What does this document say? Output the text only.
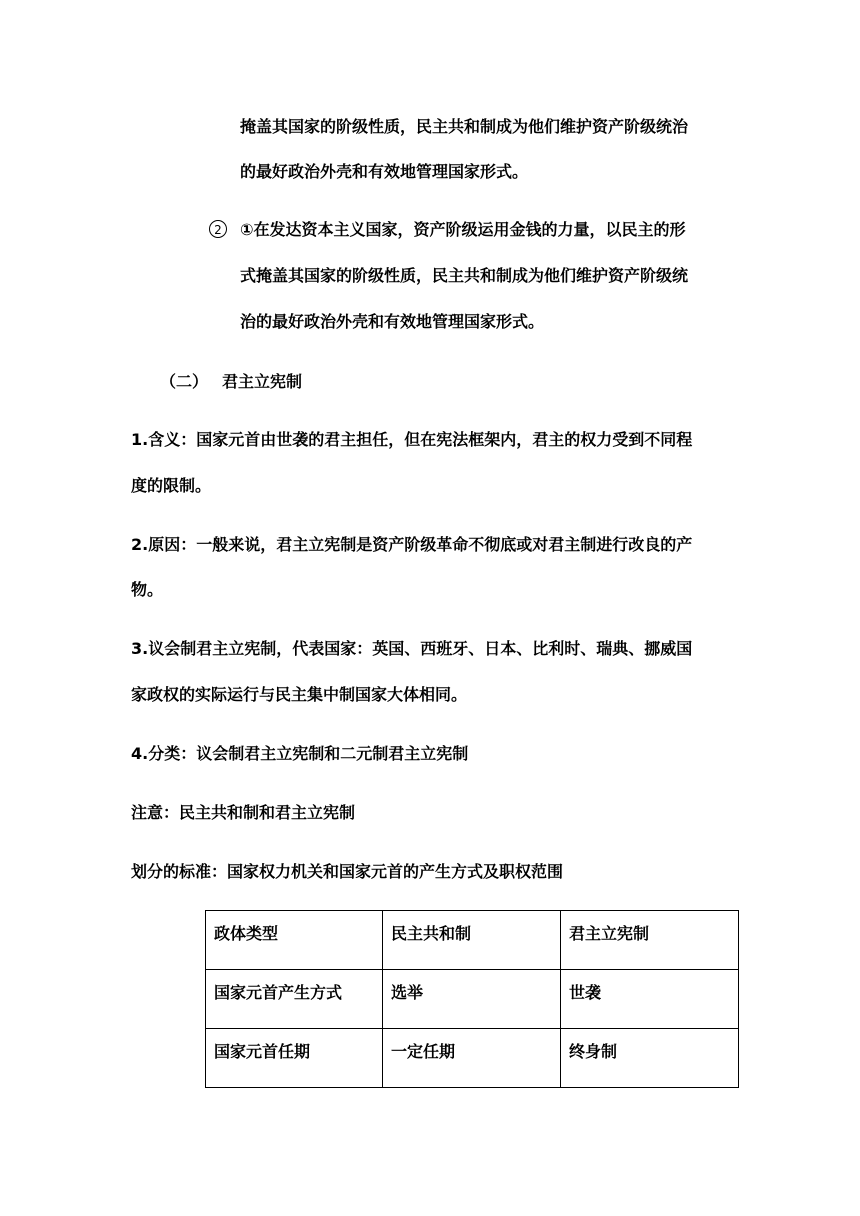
掩盖其国家的阶级性质，民主共和制成为他们维护资产阶级统治

的最好政治外壳和有效地管理国家形式。

2	①在发达资本主义国家，资产阶级运用金钱的力量，以民主的形

式掩盖其国家的阶级性质，民主共和制成为他们维护资产阶级统

治的最好政治外壳和有效地管理国家形式。

（二） 君主立宪制

1.含义：国家元首由世袭的君主担任，但在宪法框架内，君主的权力受到不同程

度的限制。

2.原因：一般来说，君主立宪制是资产阶级革命不彻底或对君主制进行改良的产

物。

3.议会制君主立宪制，代表国家：英国、西班牙、日本、比利时、瑞典、挪威国

家政权的实际运行与民主集中制国家大体相同。

4.分类：议会制君主立宪制和二元制君主立宪制

注意：民主共和制和君主立宪制

划分的标准：国家权力机关和国家元首的产生方式及职权范围

政体类型	民主共和制	君主立宪制
国家元首产生方式	选举	世袭
国家元首任期	一定任期	终身制
